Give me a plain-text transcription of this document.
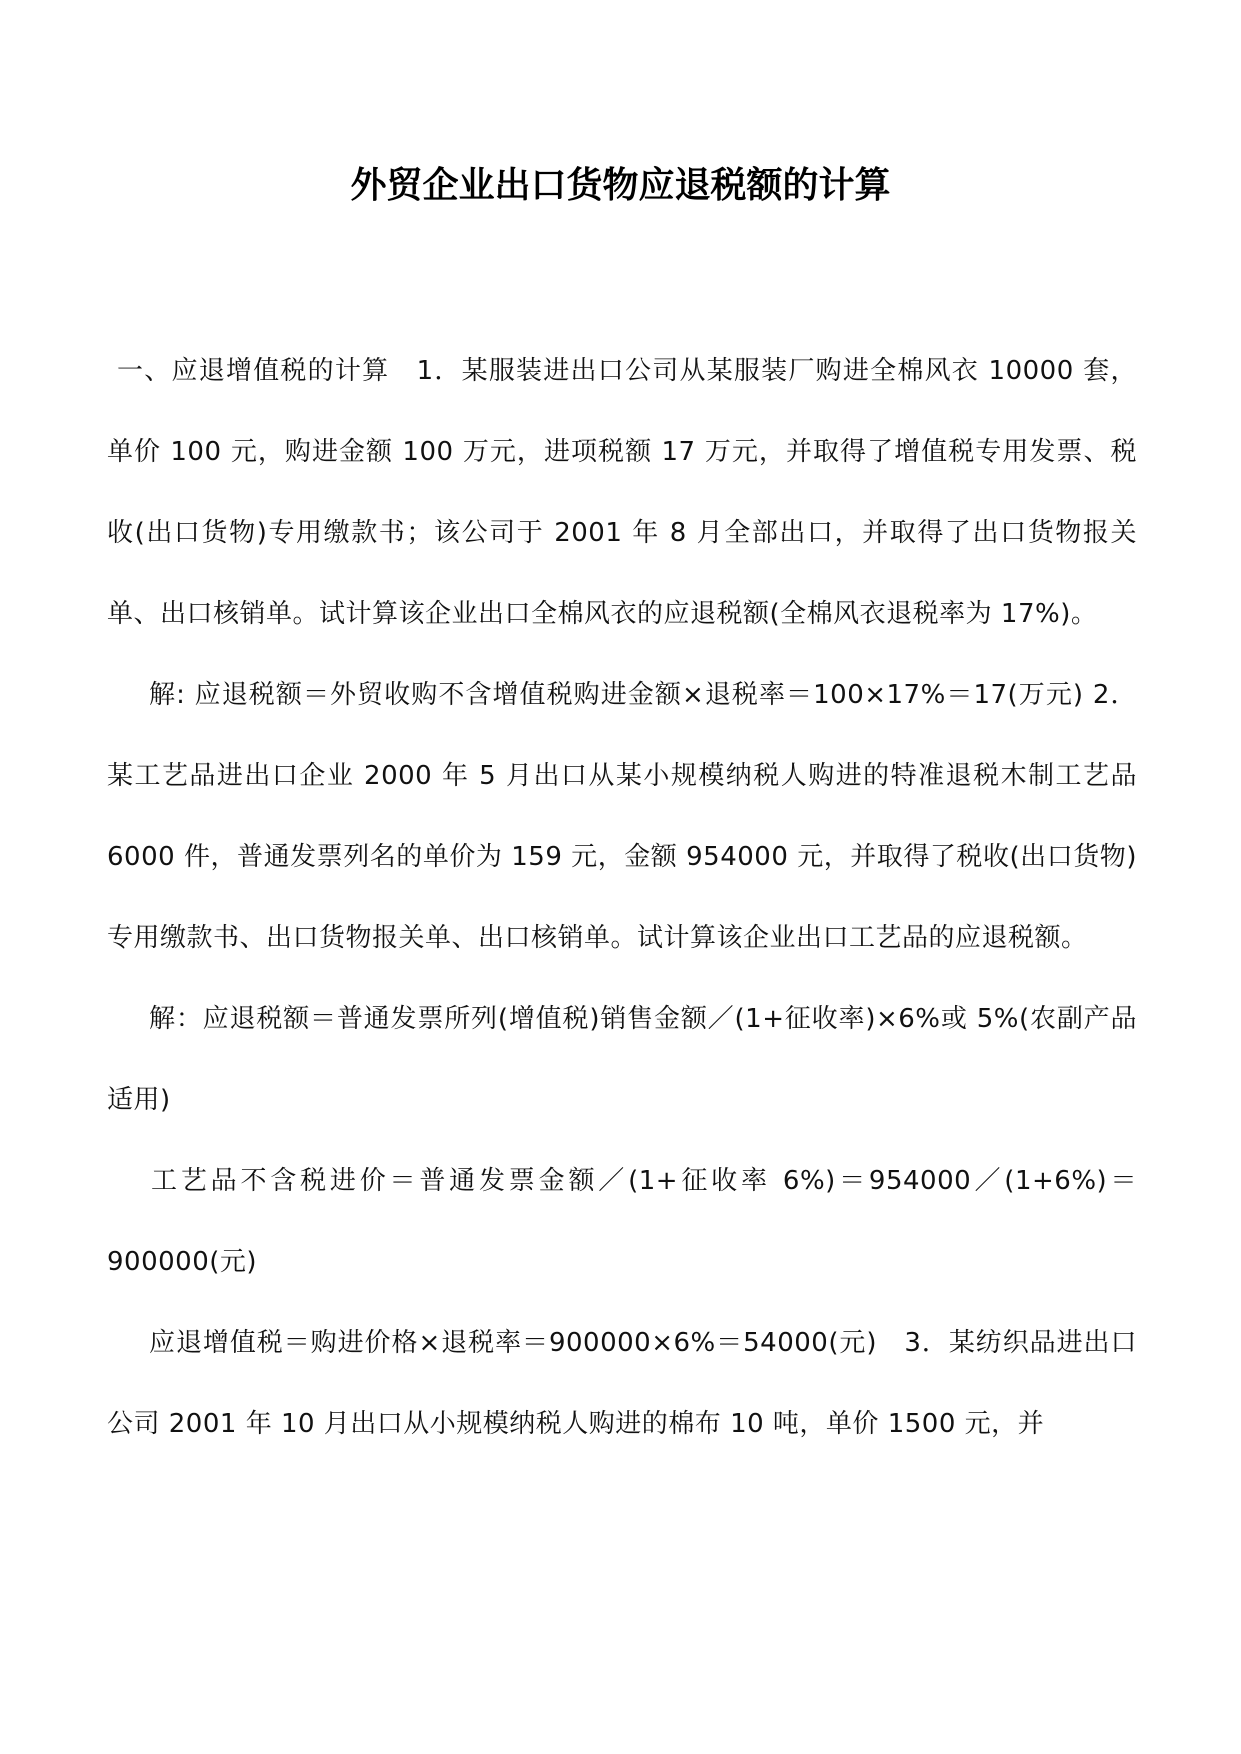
外贸企业出口货物应退税额的计算

一、应退增值税的计算　1．某服装进出口公司从某服装厂购进全棉风衣 10000 套，单价 100 元，购进金额 100 万元，进项税额 17 万元，并取得了增值税专用发票、税收(出口货物)专用缴款书；该公司于 2001 年 8 月全部出口，并取得了出口货物报关单、出口核销单。试计算该企业出口全棉风衣的应退税额(全棉风衣退税率为 17%)。

解: 应退税额＝外贸收购不含增值税购进金额×退税率＝100×17%＝17(万元) 2．某工艺品进出口企业 2000 年 5 月出口从某小规模纳税人购进的特准退税木制工艺品 6000 件，普通发票列名的单价为 159 元，金额 954000 元，并取得了税收(出口货物)专用缴款书、出口货物报关单、出口核销单。试计算该企业出口工艺品的应退税额。

解：应退税额＝普通发票所列(增值税)销售金额／(1+征收率)×6%或 5%(农副产品适用)

工艺品不含税进价＝普通发票金额／(1+征收率 6%)＝954000／(1+6%)＝900000(元)

应退增值税＝购进价格×退税率＝900000×6%＝54000(元)　3．某纺织品进出口公司 2001 年 10 月出口从小规模纳税人购进的棉布 10 吨，单价 1500 元，并
